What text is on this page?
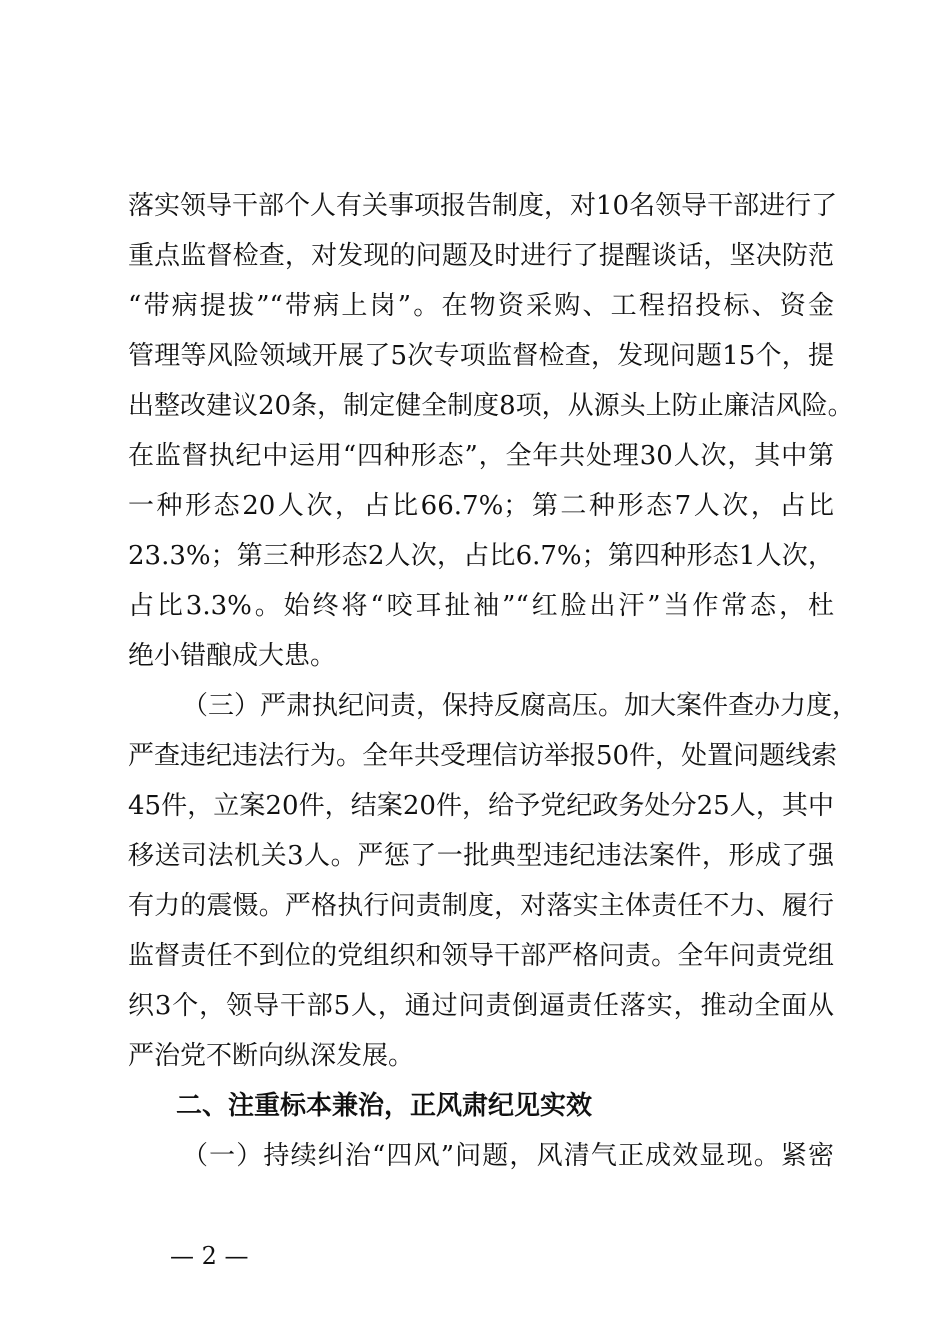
落实领导干部个人有关事项报告制度，对10名领导干部进行了
重点监督检查，对发现的问题及时进行了提醒谈话，坚决防范
“带病提拔”“带病上岗”。在物资采购、工程招投标、资金
管理等风险领域开展了5次专项监督检查，发现问题15个，提
出整改建议20条，制定健全制度8项，从源头上防止廉洁风险。
在监督执纪中运用“四种形态”，全年共处理30人次，其中第
一种形态20人次，占比66.7%；第二种形态7人次，占比
23.3%；第三种形态2人次，占比6.7%；第四种形态1人次，
占比3.3%。始终将“咬耳扯袖”“红脸出汗”当作常态，杜
绝小错酿成大患。
（三）严肃执纪问责，保持反腐高压。加大案件查办力度，
严查违纪违法行为。全年共受理信访举报50件，处置问题线索
45件，立案20件，结案20件，给予党纪政务处分25人，其中
移送司法机关3人。严惩了一批典型违纪违法案件，形成了强
有力的震慑。严格执行问责制度，对落实主体责任不力、履行
监督责任不到位的党组织和领导干部严格问责。全年问责党组
织3个，领导干部5人，通过问责倒逼责任落实，推动全面从
严治党不断向纵深发展。
二、注重标本兼治，正风肃纪见实效
（一）持续纠治“四风”问题，风清气正成效显现。紧密
— 2 —
